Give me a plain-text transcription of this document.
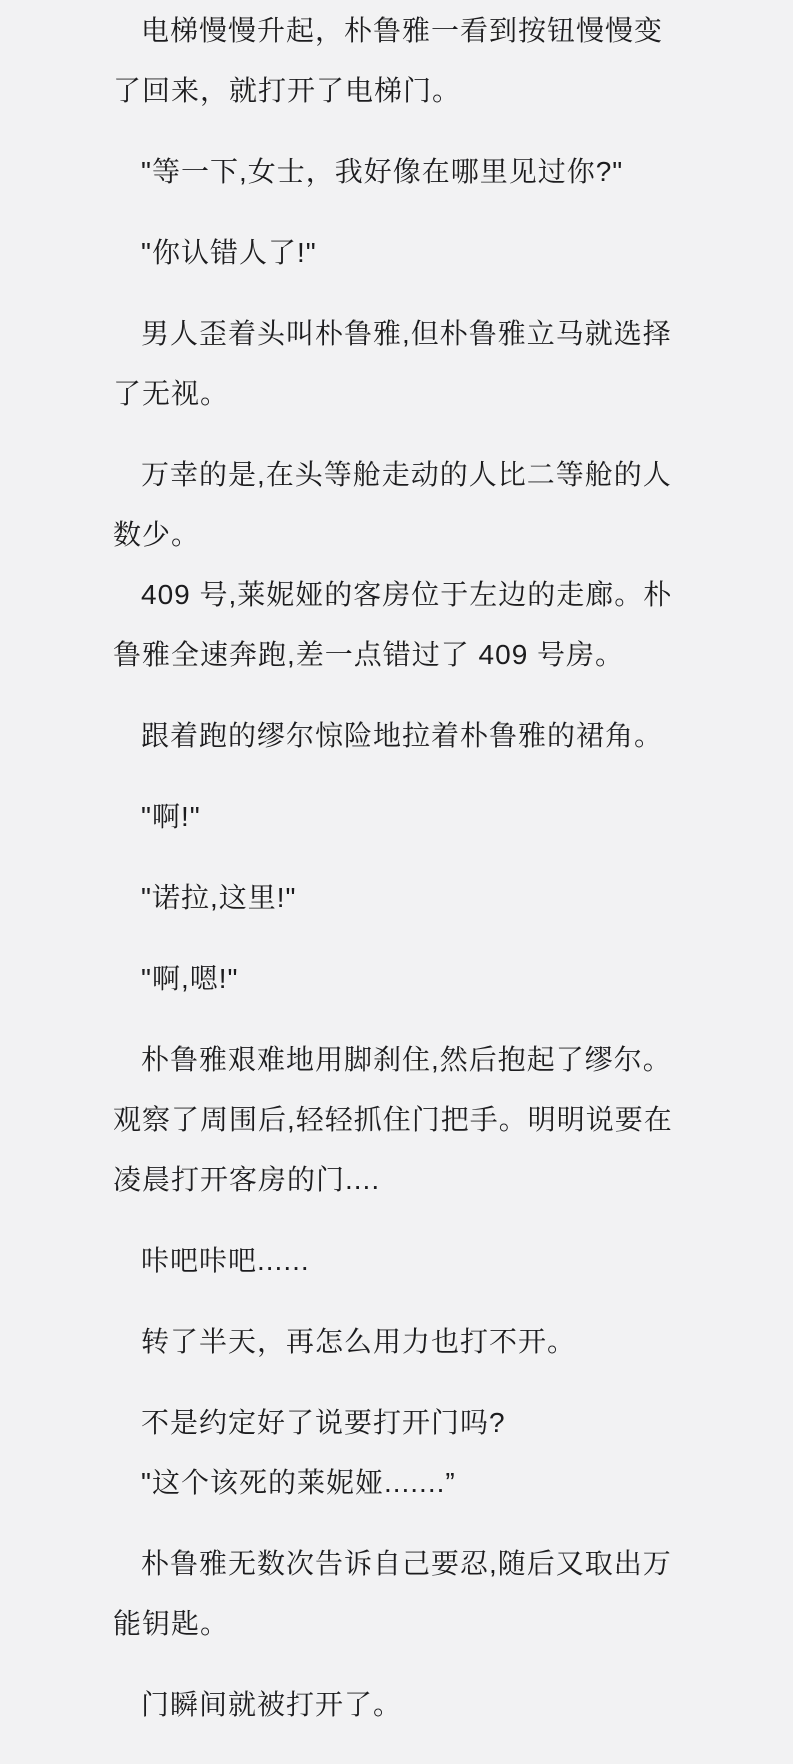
电梯慢慢升起，朴鲁雅一看到按钮慢慢变了回来，就打开了电梯门。

"等一下,女士，我好像在哪里见过你?"

"你认错人了!"

男人歪着头叫朴鲁雅,但朴鲁雅立马就选择了无视。

万幸的是,在头等舱走动的人比二等舱的人数少。

409 号,莱妮娅的客房位于左边的走廊。朴鲁雅全速奔跑,差一点错过了 409 号房。

跟着跑的缪尔惊险地拉着朴鲁雅的裙角。

"啊!"

"诺拉,这里!"

"啊,嗯!"

朴鲁雅艰难地用脚刹住,然后抱起了缪尔。观察了周围后,轻轻抓住门把手。明明说要在凌晨打开客房的门....

咔吧咔吧......

转了半天，再怎么用力也打不开。

不是约定好了说要打开门吗?

"这个该死的莱妮娅.......”

朴鲁雅无数次告诉自己要忍,随后又取出万能钥匙。

门瞬间就被打开了。
